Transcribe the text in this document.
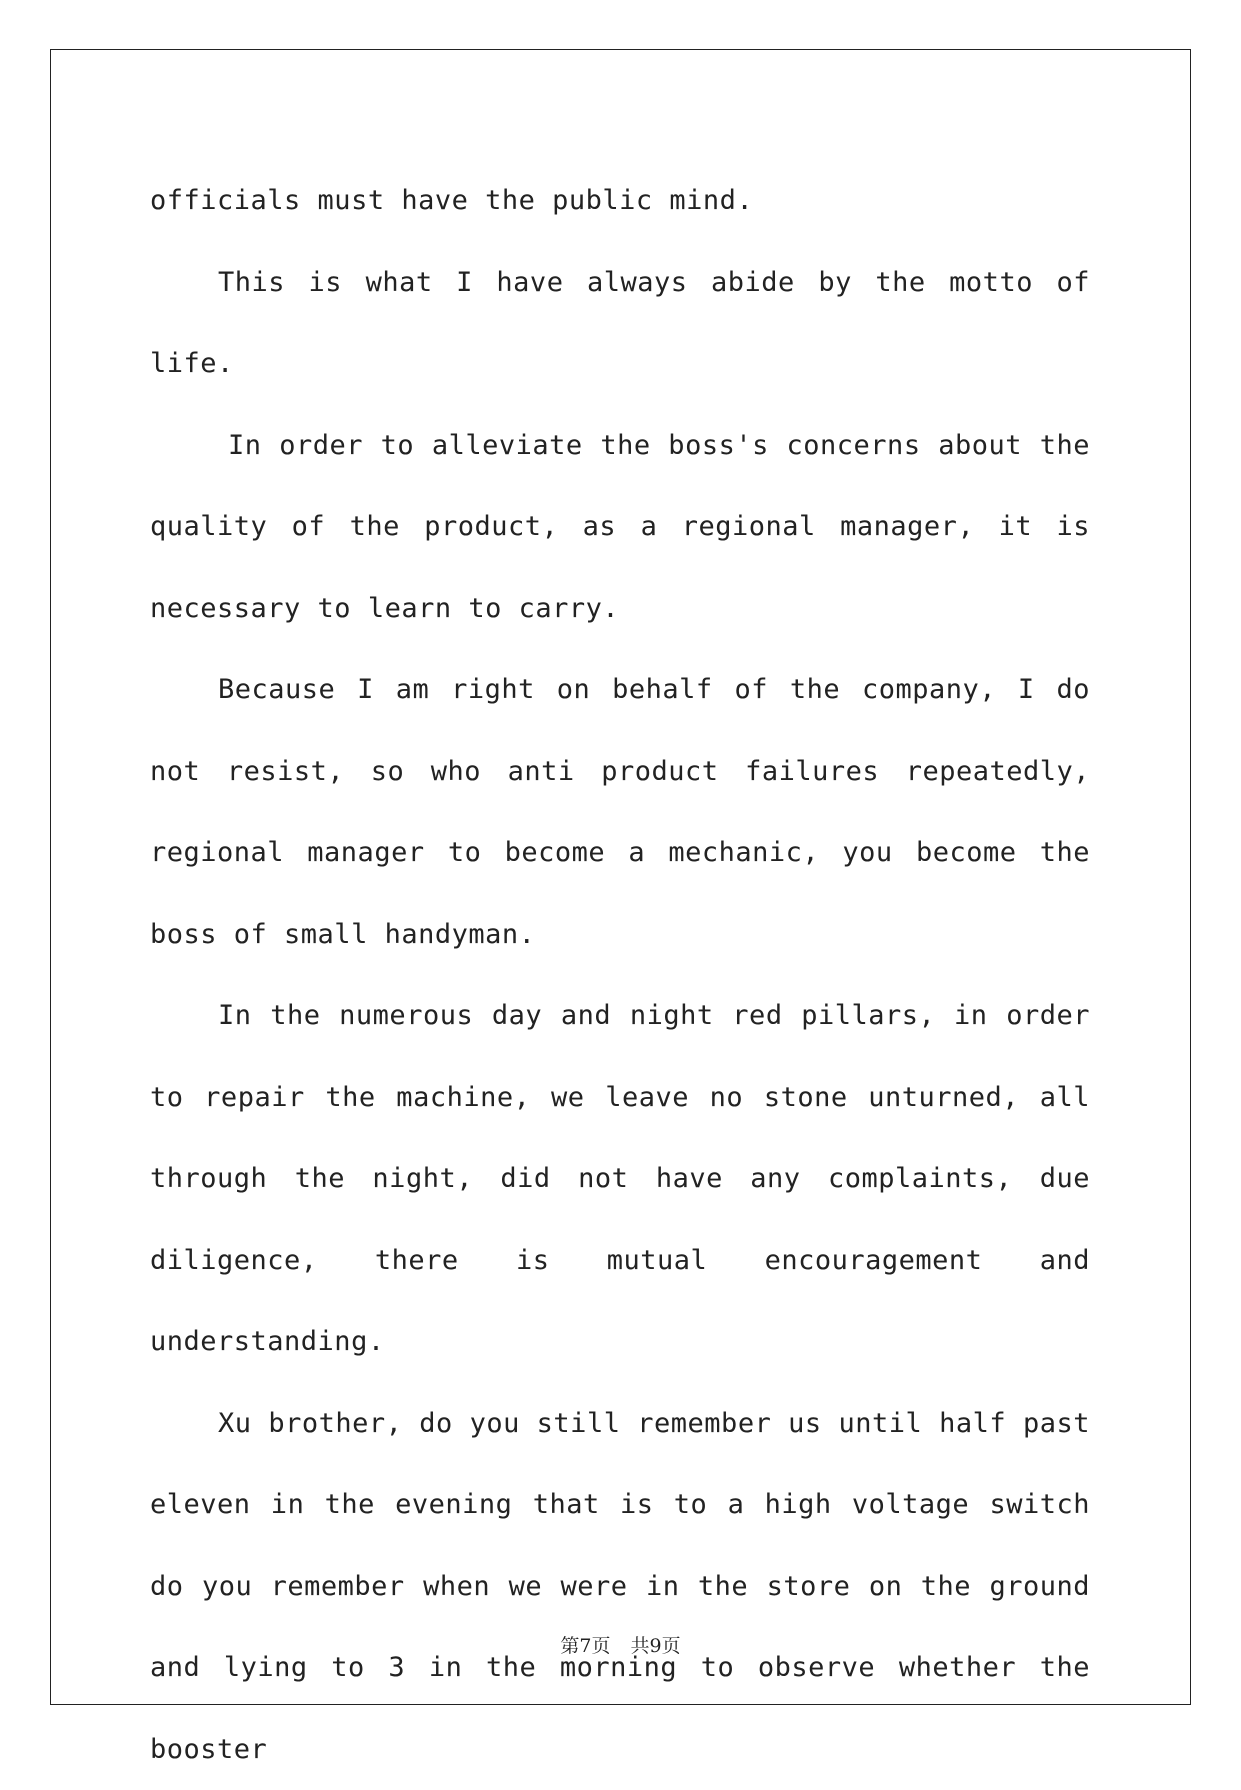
officials must have the public mind.

This is what I have always abide by the motto of life.

In order to alleviate the boss's concerns about the quality of the product, as a regional manager, it is necessary to learn to carry.

Because I am right on behalf of the company, I do not resist, so who anti product failures repeatedly, regional manager to become a mechanic, you become the boss of small handyman.

In the numerous day and night red pillars, in order to repair the machine, we leave no stone unturned, all through the night, did not have any complaints, due diligence, there is mutual encouragement and understanding.

Xu brother, do you still remember us until half past eleven in the evening that is to a high voltage switch do you remember when we were in the store on the ground and lying to 3 in the morning to observe whether the booster

第7页 共9页
